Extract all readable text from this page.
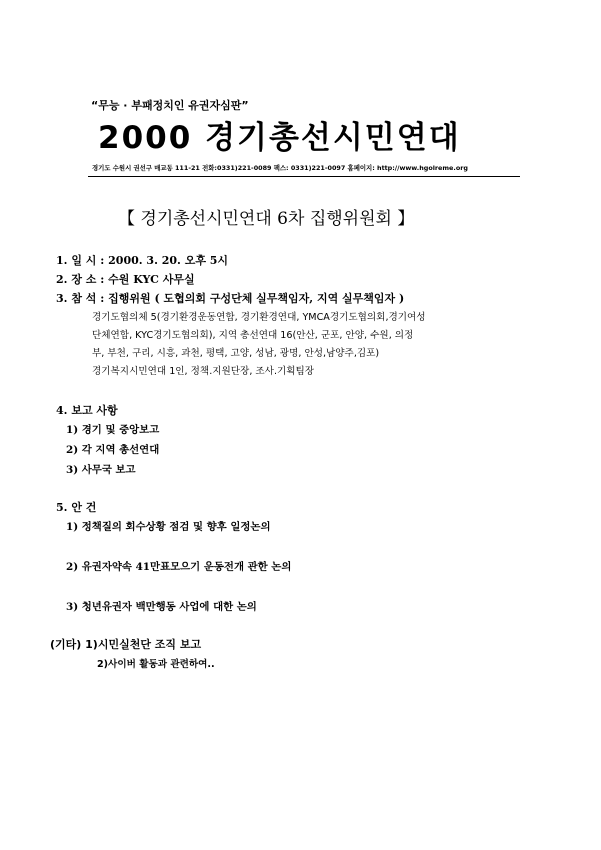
“무능 · 부패정치인 유권자심판”
2000 경기총선시민연대
경기도 수원시 권선구 매교동 111-21 전화:0331)221-0089 팩스: 0331)221-0097 홈페이지: http://www.hgolreme.org
【 경기총선시민연대 6차 집행위원회 】
1. 일 시 : 2000. 3. 20. 오후 5시
2. 장 소 : 수원 KYC 사무실
3. 참 석 : 집행위원 ( 도협의회 구성단체 실무책임자, 지역 실무책임자 )
경기도협의체 5(경기환경운동연합, 경기환경연대, YMCA경기도협의회,경기여성
단체연합, KYC경기도협의회), 지역 총선연대 16(안산, 군포, 안양, 수원, 의정
부, 부천, 구리, 시흥, 과천, 평택, 고양, 성남, 광명, 안성,남양주,김포)
경기복지시민연대 1인, 정책.지원단장, 조사.기획팀장
4. 보고 사항
1) 경기 및 중앙보고
2) 각 지역 총선연대
3) 사무국 보고
5. 안 건
1) 정책질의 회수상황 점검 및 향후 일정논의
2) 유권자약속 41만표모으기 운동전개 관한 논의
3) 청년유권자 백만행동 사업에 대한 논의
(기타) 1)시민실천단 조직 보고
2)사이버 활동과 관련하여..
